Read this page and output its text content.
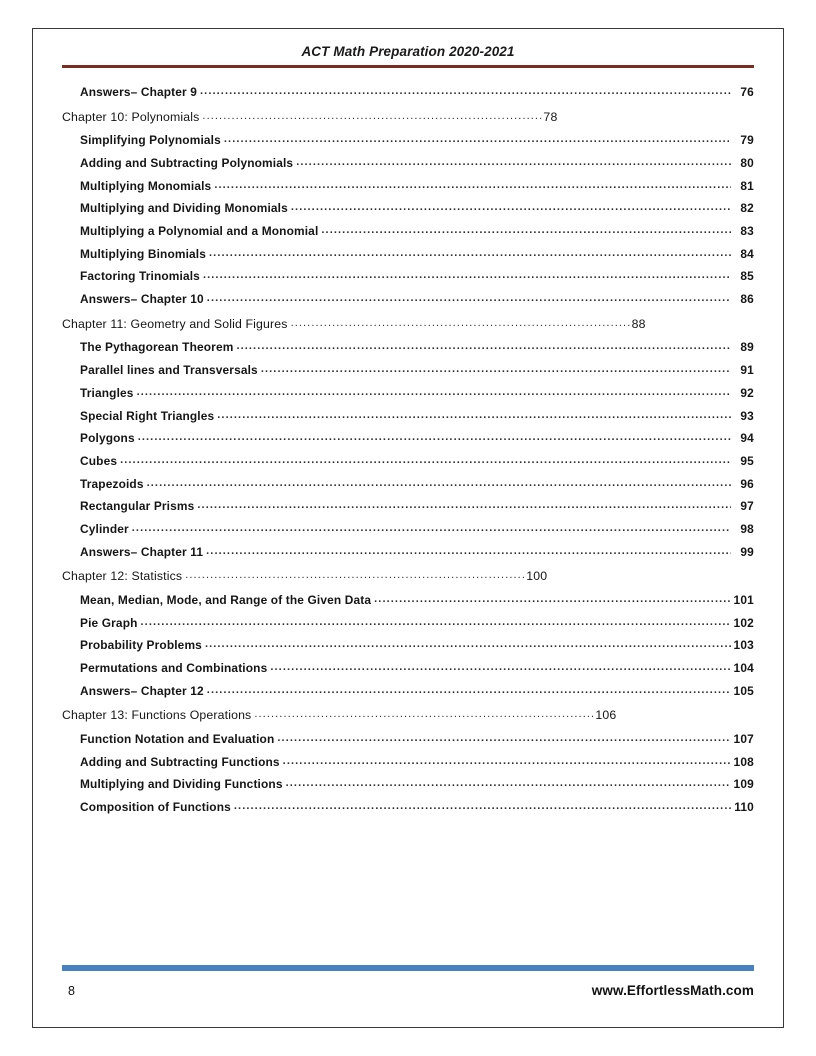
ACT Math Preparation 2020-2021
Answers– Chapter 9 .....	76
Chapter 10: Polynomials .....	78
Simplifying Polynomials .....	79
Adding and Subtracting Polynomials .....	80
Multiplying Monomials .....	81
Multiplying and Dividing Monomials .....	82
Multiplying a Polynomial and a Monomial .....	83
Multiplying Binomials .....	84
Factoring Trinomials .....	85
Answers– Chapter 10 .....	86
Chapter 11: Geometry and Solid Figures .....	88
The Pythagorean Theorem .....	89
Parallel lines and Transversals .....	91
Triangles .....	92
Special Right Triangles .....	93
Polygons .....	94
Cubes .....	95
Trapezoids .....	96
Rectangular Prisms .....	97
Cylinder .....	98
Answers– Chapter 11 .....	99
Chapter 12: Statistics .....	100
Mean, Median, Mode, and Range of the Given Data .....	101
Pie Graph .....	102
Probability Problems .....	103
Permutations and Combinations .....	104
Answers– Chapter 12 .....	105
Chapter 13: Functions Operations .....	106
Function Notation and Evaluation .....	107
Adding and Subtracting Functions .....	108
Multiplying and Dividing Functions .....	109
Composition of Functions .....	110
8	www.EffortlessMath.com
